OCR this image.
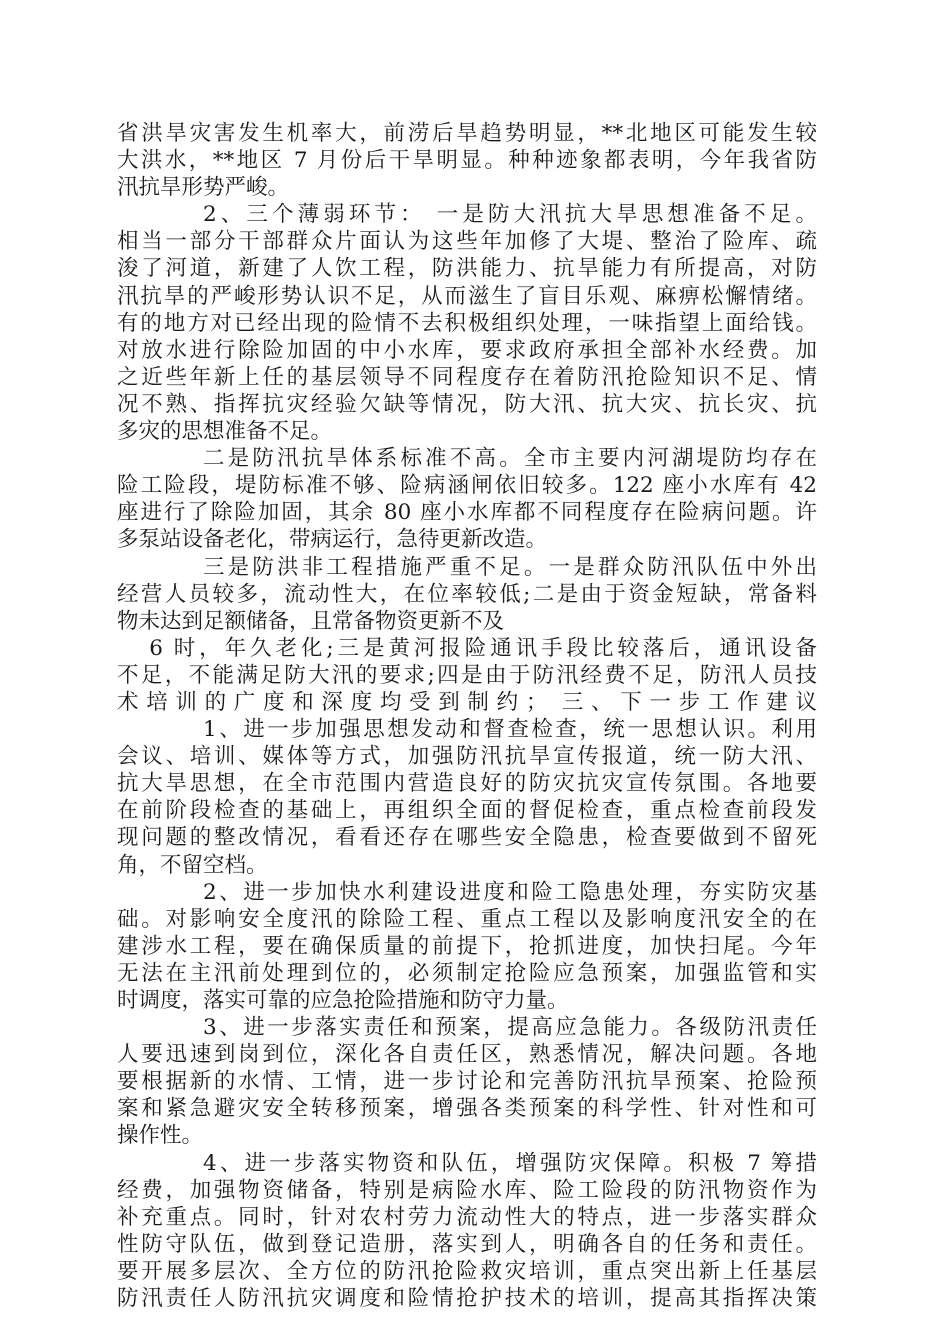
省洪旱灾害发生机率大，前涝后旱趋势明显，**北地区可能发生较
大洪水，**地区 7 月份后干旱明显。种种迹象都表明，今年我省防
汛抗旱形势严峻。
2、三个薄弱环节： 一是防大汛抗大旱思想准备不足。
相当一部分干部群众片面认为这些年加修了大堤、整治了险库、疏
浚了河道，新建了人饮工程，防洪能力、抗旱能力有所提高，对防
汛抗旱的严峻形势认识不足，从而滋生了盲目乐观、麻痹松懈情绪。
有的地方对已经出现的险情不去积极组织处理，一味指望上面给钱。
对放水进行除险加固的中小水库，要求政府承担全部补水经费。加
之近些年新上任的基层领导不同程度存在着防汛抢险知识不足、情
况不熟、指挥抗灾经验欠缺等情况，防大汛、抗大灾、抗长灾、抗
多灾的思想准备不足。
二是防汛抗旱体系标准不高。全市主要内河湖堤防均存在
险工险段，堤防标准不够、险病涵闸依旧较多。122 座小水库有 42
座进行了除险加固，其余 80 座小水库都不同程度存在险病问题。许
多泵站设备老化，带病运行，急待更新改造。
三是防洪非工程措施严重不足。一是群众防汛队伍中外出
经营人员较多，流动性大，在位率较低;二是由于资金短缺，常备料
物未达到足额储备，且常备物资更新不及
6 时，年久老化;三是黄河报险通讯手段比较落后，通讯设备
不足，不能满足防大汛的要求;四是由于防汛经费不足，防汛人员技
术培训的广度和深度均受到制约； 三、下一步工作建议
1、进一步加强思想发动和督查检查，统一思想认识。利用
会议、培训、媒体等方式，加强防汛抗旱宣传报道，统一防大汛、
抗大旱思想，在全市范围内营造良好的防灾抗灾宣传氛围。各地要
在前阶段检查的基础上，再组织全面的督促检查，重点检查前段发
现问题的整改情况，看看还存在哪些安全隐患，检查要做到不留死
角，不留空档。
2、进一步加快水利建设进度和险工隐患处理，夯实防灾基
础。对影响安全度汛的除险工程、重点工程以及影响度汛安全的在
建涉水工程，要在确保质量的前提下，抢抓进度，加快扫尾。今年
无法在主汛前处理到位的，必须制定抢险应急预案，加强监管和实
时调度，落实可靠的应急抢险措施和防守力量。
3、进一步落实责任和预案，提高应急能力。各级防汛责任
人要迅速到岗到位，深化各自责任区，熟悉情况，解决问题。各地
要根据新的水情、工情，进一步讨论和完善防汛抗旱预案、抢险预
案和紧急避灾安全转移预案，增强各类预案的科学性、针对性和可
操作性。
4、进一步落实物资和队伍，增强防灾保障。积极 7 筹措
经费，加强物资储备，特别是病险水库、险工险段的防汛物资作为
补充重点。同时，针对农村劳力流动性大的特点，进一步落实群众
性防守队伍，做到登记造册，落实到人，明确各自的任务和责任。
要开展多层次、全方位的防汛抢险救灾培训，重点突出新上任基层
防汛责任人防汛抗灾调度和险情抢护技术的培训，提高其指挥决策
